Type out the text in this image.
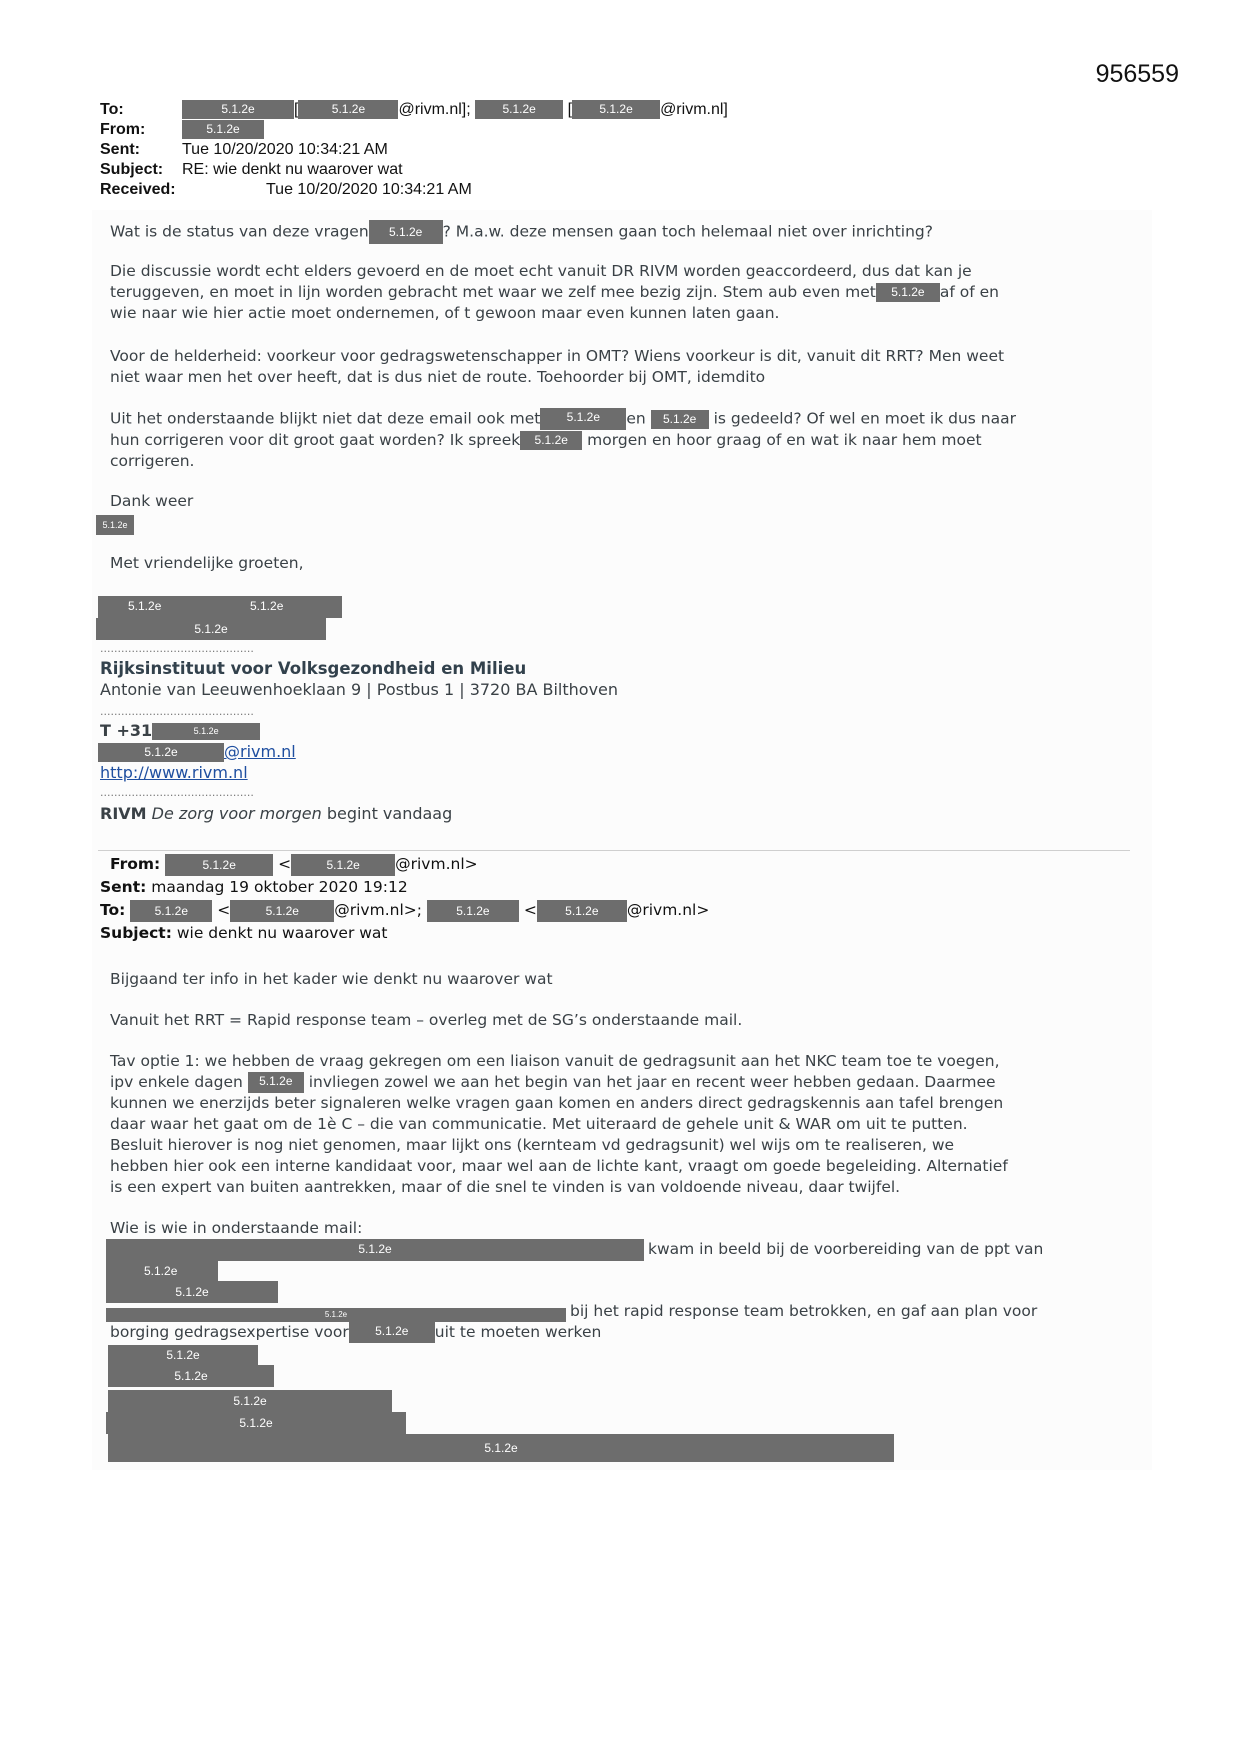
956559
To:	5.1.2e [	5.1.2e @rivm.nl];	5.1.2e [ 5.1.2e @rivm.nl]
From:	5.1.2e
Sent:	Tue 10/20/2020 10:34:21 AM
Subject: RE: wie denkt nu waarover wat
Received:	Tue 10/20/2020 10:34:21 AM
Wat is de status van deze vragen 5.1.2e ? M.a.w. deze mensen gaan toch helemaal niet over inrichting?
Die discussie wordt echt elders gevoerd en de moet echt vanuit DR RIVM worden geaccordeerd, dus dat kan je
teruggeven, en moet in lijn worden gebracht met waar we zelf mee bezig zijn. Stem aub even met 5.1.2e af of en
wie naar wie hier actie moet ondernemen, of t gewoon maar even kunnen laten gaan.
Voor de helderheid: voorkeur voor gedragswetenschapper in OMT? Wiens voorkeur is dit, vanuit dit RRT? Men weet
niet waar men het over heeft, dat is dus niet de route. Toehoorder bij OMT, idemdito
Uit het onderstaande blijkt niet dat deze email ook met 5.1.2e en 5.1.2e is gedeeld? Of wel en moet ik dus naar
hun corrigeren voor dit groot gaat worden? Ik spreek 5.1.2e morgen en hoor graag of en wat ik naar hem moet
corrigeren.
Dank weer
5.1.2e
Met vriendelijke groeten,
5.1.2e	5.1.2e
5.1.2e
............................................
Rijksinstituut voor Volksgezondheid en Milieu
Antonie van Leeuwenhoeklaan 9 | Postbus 1 | 3720 BA Bilthoven
............................................
T +31	5.1.2e
5.1.2e	@rivm.nl
http://www.rivm.nl
............................................
RIVM De zorg voor morgen begint vandaag
From:	5.1.2e	<	5.1.2e @rivm.nl>
Sent: maandag 19 oktober 2020 19:12
To: 5.1.2e <	5.1.2e @rivm.nl>;	5.1.2e < 5.1.2e @rivm.nl>
Subject: wie denkt nu waarover wat
Bijgaand ter info in het kader wie denkt nu waarover wat
Vanuit het RRT = Rapid response team – overleg met de SG’s onderstaande mail.
Tav optie 1: we hebben de vraag gekregen om een liaison vanuit de gedragsunit aan het NKC team toe te voegen,
ipv enkele dagen 5.1.2e invliegen zowel we aan het begin van het jaar en recent weer hebben gedaan. Daarmee
kunnen we enerzijds beter signaleren welke vragen gaan komen en anders direct gedragskennis aan tafel brengen
daar waar het gaat om de 1è C – die van communicatie. Met uiteraard de gehele unit & WAR om uit te putten.
Besluit hierover is nog niet genomen, maar lijkt ons (kernteam vd gedragsunit) wel wijs om te realiseren, we
hebben hier ook een interne kandidaat voor, maar wel aan de lichte kant, vraagt om goede begeleiding. Alternatief
is een expert van buiten aantrekken, maar of die snel te vinden is van voldoende niveau, daar twijfel.
Wie is wie in onderstaande mail:
5.1.2e	kwam in beeld bij de voorbereiding van de ppt van
5.1.2e
5.1.2e
5.1.2e	bij het rapid response team betrokken, en gaf aan plan voor
borging gedragsexpertise voor 5.1.2e uit te moeten werken
5.1.2e
5.1.2e
5.1.2e
5.1.2e
5.1.2e
